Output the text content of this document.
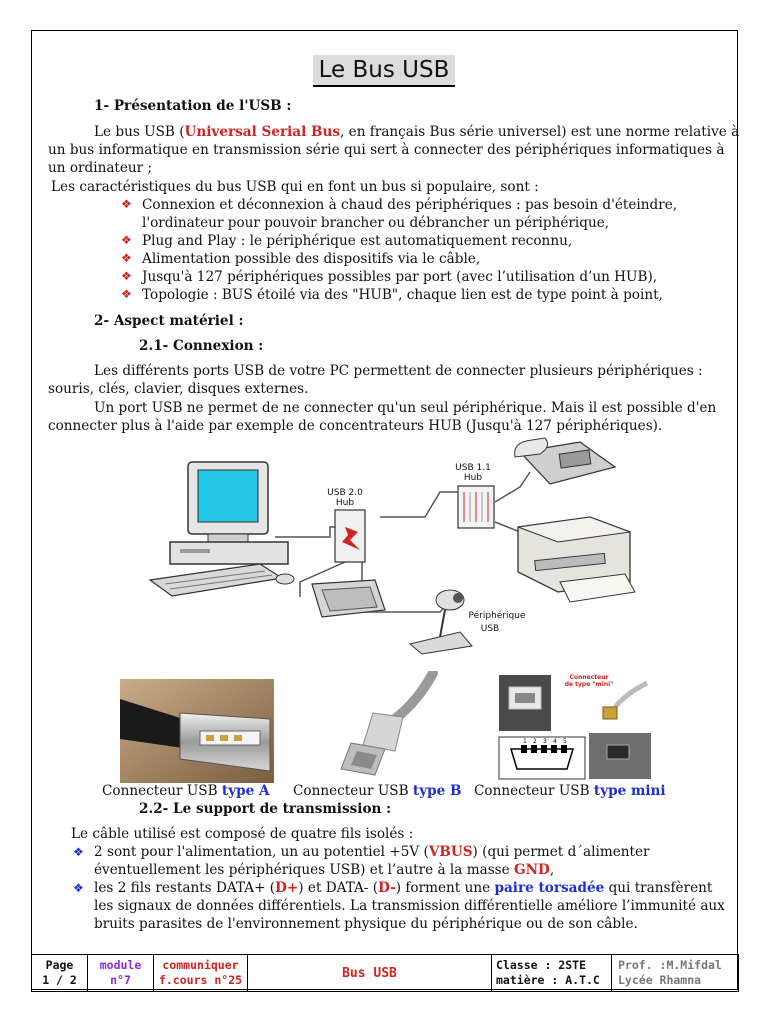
Le Bus USB
1- Présentation de l'USB :
Le bus USB (Universal Serial Bus, en français Bus série universel) est une norme relative à
un bus informatique en transmission série qui sert à connecter des périphériques informatiques à
un ordinateur ;
Les caractéristiques du bus USB qui en font un bus si populaire, sont :
❖ Connexion et déconnexion à chaud des périphériques : pas besoin d'éteindre,
l'ordinateur pour pouvoir brancher ou débrancher un périphérique,
❖ Plug and Play : le périphérique est automatiquement reconnu,
❖ Alimentation possible des dispositifs via le câble,
❖ Jusqu'à 127 périphériques possibles par port (avec l’utilisation d’un HUB),
❖ Topologie : BUS étoilé via des "HUB", chaque lien est de type point à point,
2- Aspect matériel :
2.1- Connexion :
Les différents ports USB de votre PC permettent de connecter plusieurs périphériques :
souris, clés, clavier, disques externes.
Un port USB ne permet de ne connecter qu'un seul périphérique. Mais il est possible d'en
connecter plus à l'aide par exemple de concentrateurs HUB (Jusqu'à 127 périphériques).
USB 2.0
Hub
USB 1.1
Hub
Périphérique
USB
Connecteur
de type "mini"
1 2 3 4 5
Connecteur USB type A Connecteur USB type B Connecteur USB type mini
2.2- Le support de transmission :
Le câble utilisé est composé de quatre fils isolés :
❖ 2 sont pour l'alimentation, un au potentiel +5V (VBUS) (qui permet d´alimenter
éventuellement les périphériques USB) et l’autre à la masse GND,
❖ les 2 fils restants DATA+ (D+) et DATA- (D-) forment une paire torsadée qui transfèrent
les signaux de données différentiels. La transmission différentielle améliore l’immunité aux
bruits parasites de l'environnement physique du périphérique ou de son câble.
Page
1 / 2

module
n°7

communiquer
f.cours n°25	Bus USB	
Classe : 2STE
matière : A.T.C

Prof. :M.Mifdal
Lycée Rhamna
